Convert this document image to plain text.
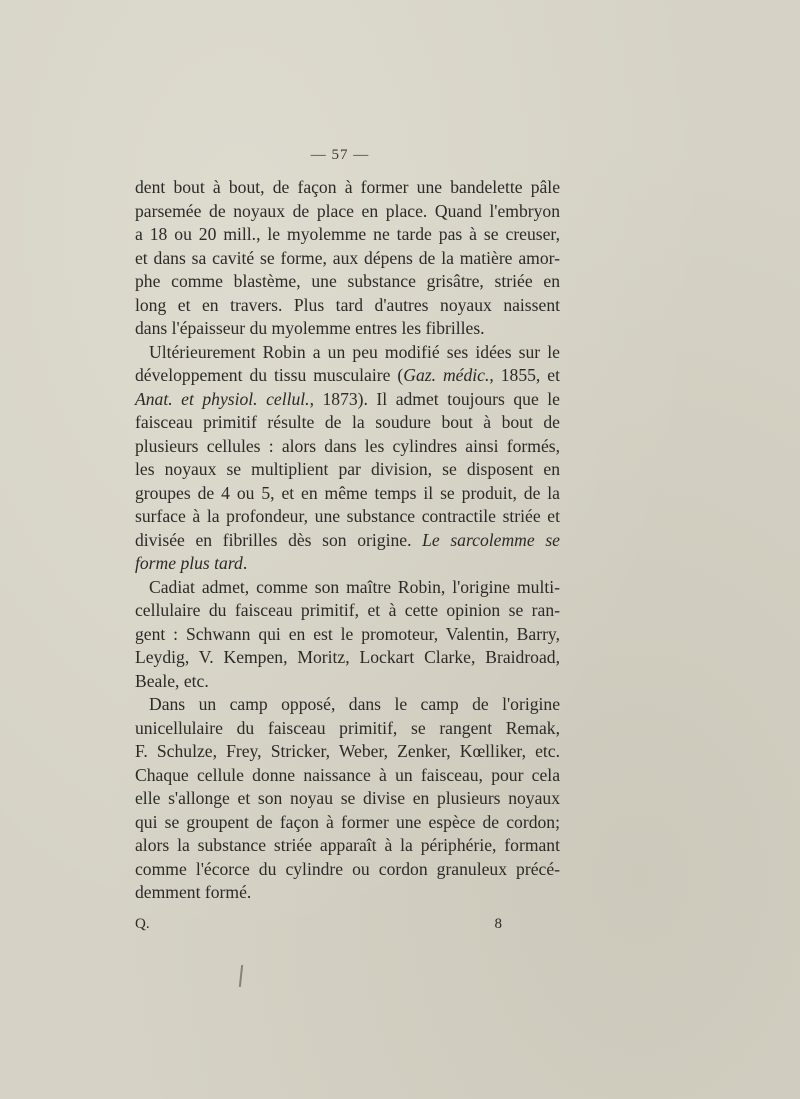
— 57 —

dent bout à bout, de façon à former une bandelette pâle
parsemée de noyaux de place en place. Quand l'embryon
a 18 ou 20 mill., le myolemme ne tarde pas à se creuser,
et dans sa cavité se forme, aux dépens de la matière amor-
phe comme blastème, une substance grisâtre, striée en
long et en travers. Plus tard d'autres noyaux naissent
dans l'épaisseur du myolemme entres les fibrilles.

Ultérieurement Robin a un peu modifié ses idées sur le
développement du tissu musculaire (Gaz. médic., 1855, et
Anat. et physiol. cellul., 1873). Il admet toujours que le
faisceau primitif résulte de la soudure bout à bout de
plusieurs cellules : alors dans les cylindres ainsi formés,
les noyaux se multiplient par division, se disposent en
groupes de 4 ou 5, et en même temps il se produit, de la
surface à la profondeur, une substance contractile striée et
divisée en fibrilles dès son origine. Le sarcolemme se
forme plus tard.

Cadiat admet, comme son maître Robin, l'origine multi-
cellulaire du faisceau primitif, et à cette opinion se ran-
gent : Schwann qui en est le promoteur, Valentin, Barry,
Leydig, V. Kempen, Moritz, Lockart Clarke, Braidroad,
Beale, etc.

Dans un camp opposé, dans le camp de l'origine
unicellulaire du faisceau primitif, se rangent Remak,
F. Schulze, Frey, Stricker, Weber, Zenker, Kœlliker, etc.
Chaque cellule donne naissance à un faisceau, pour cela
elle s'allonge et son noyau se divise en plusieurs noyaux
qui se groupent de façon à former une espèce de cordon;
alors la substance striée apparaît à la périphérie, formant
comme l'écorce du cylindre ou cordon granuleux précé-
demment formé.

Q.	8
